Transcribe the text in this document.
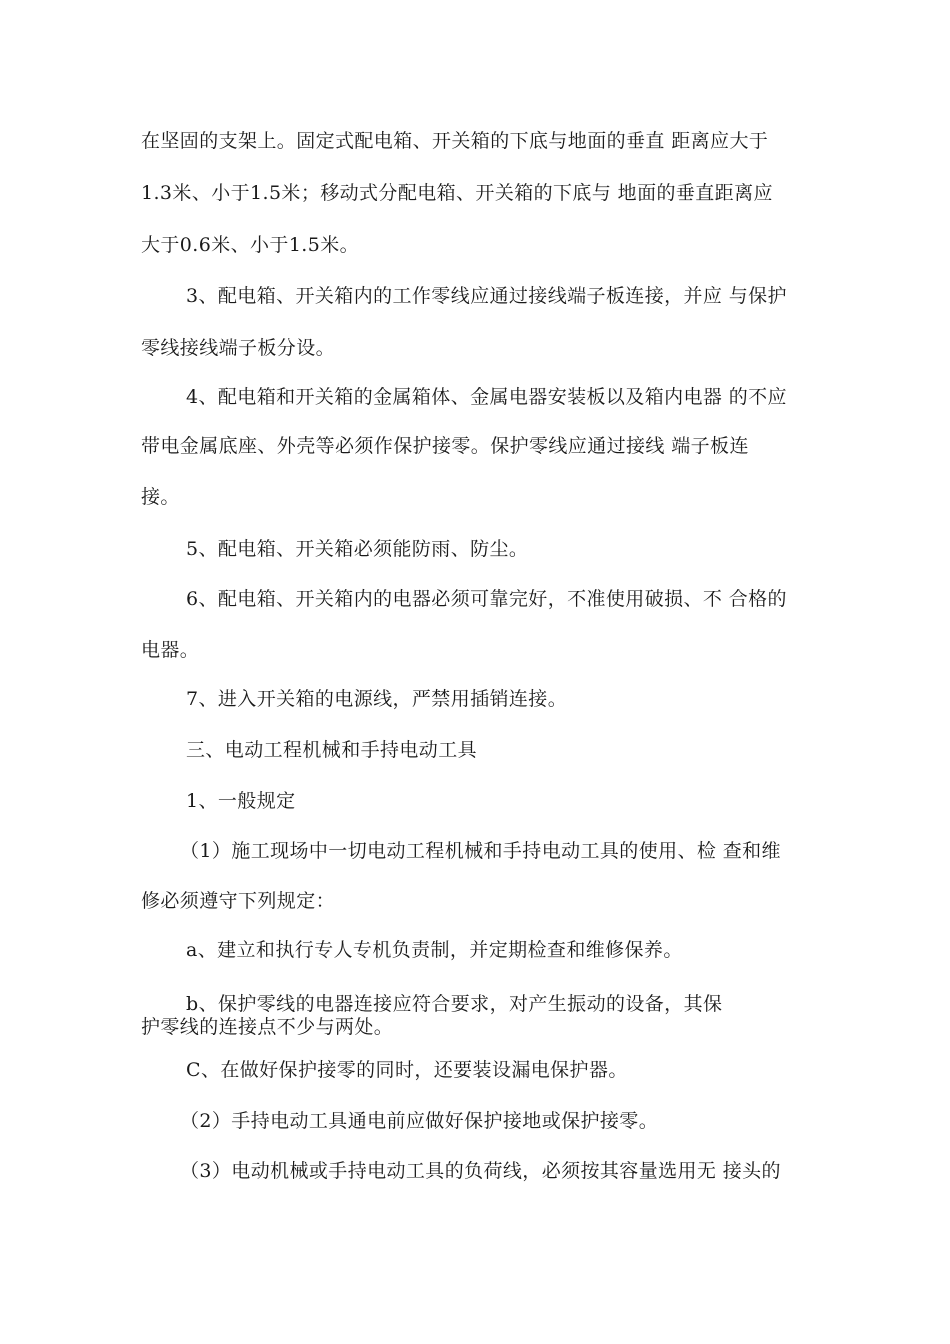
在坚固的支架上。固定式配电箱、开关箱的下底与地面的垂直 距离应大于
1.3米、小于1.5米；移动式分配电箱、开关箱的下底与 地面的垂直距离应
大于0.6米、小于1.5米。
3、配电箱、开关箱内的工作零线应通过接线端子板连接，并应 与保护
零线接线端子板分设。
4、配电箱和开关箱的金属箱体、金属电器安装板以及箱内电器 的不应
带电金属底座、外壳等必须作保护接零。保护零线应通过接线 端子板连
接。
5、配电箱、开关箱必须能防雨、防尘。
6、配电箱、开关箱内的电器必须可靠完好，不准使用破损、不 合格的
电器。
7、进入开关箱的电源线，严禁用插销连接。
三、电动工程机械和手持电动工具
1、一般规定
（1）施工现场中一切电动工程机械和手持电动工具的使用、检 查和维
修必须遵守下列规定：
a、建立和执行专人专机负责制，并定期检查和维修保养。
b、保护零线的电器连接应符合要求，对产生振动的设备，其保
护零线的连接点不少与两处。
C、在做好保护接零的同时，还要装设漏电保护器。
（2）手持电动工具通电前应做好保护接地或保护接零。
（3）电动机械或手持电动工具的负荷线，必须按其容量选用无 接头的
